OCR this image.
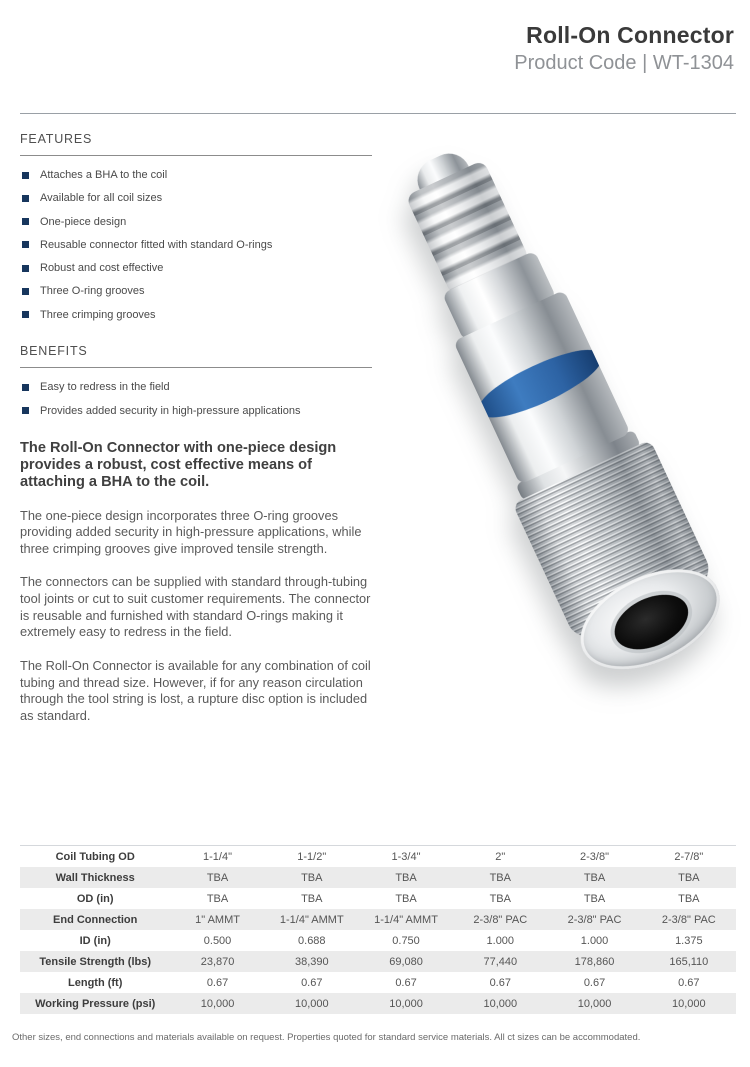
Roll-On Connector
Product Code | WT-1304
FEATURES
Attaches a BHA to the coil
Available for all coil sizes
One-piece design
Reusable connector fitted with standard O-rings
Robust and cost effective
Three O-ring grooves
Three crimping grooves
BENEFITS
Easy to redress in the field
Provides added security in high-pressure applications

The Roll-On Connector with one-piece design provides a robust, cost effective means of attaching a BHA to the coil.

The one-piece design incorporates three O-ring grooves providing added security in high-pressure applications, while three crimping grooves give improved tensile strength.

The connectors can be supplied with standard through-tubing tool joints or cut to suit customer requirements. The connector is reusable and furnished with standard O-rings making it extremely easy to redress in the field.

The Roll-On Connector is available for any combination of coil tubing and thread size. However, if for any reason circulation through the tool string is lost, a rupture disc option is included as standard.

Coil Tubing OD	1-1/4"	1-1/2"	1-3/4"	2"	2-3/8"	2-7/8"
Wall Thickness	TBA	TBA	TBA	TBA	TBA	TBA
OD (in)	TBA	TBA	TBA	TBA	TBA	TBA
End Connection	1" AMMT	1-1/4" AMMT	1-1/4" AMMT	2-3/8" PAC	2-3/8" PAC	2-3/8" PAC
ID (in)	0.500	0.688	0.750	1.000	1.000	1.375
Tensile Strength (lbs)	23,870	38,390	69,080	77,440	178,860	165,110
Length (ft)	0.67	0.67	0.67	0.67	0.67	0.67
Working Pressure (psi)	10,000	10,000	10,000	10,000	10,000	10,000
Other sizes, end connections and materials available on request. Properties quoted for standard service materials. All ct sizes can be accommodated.
